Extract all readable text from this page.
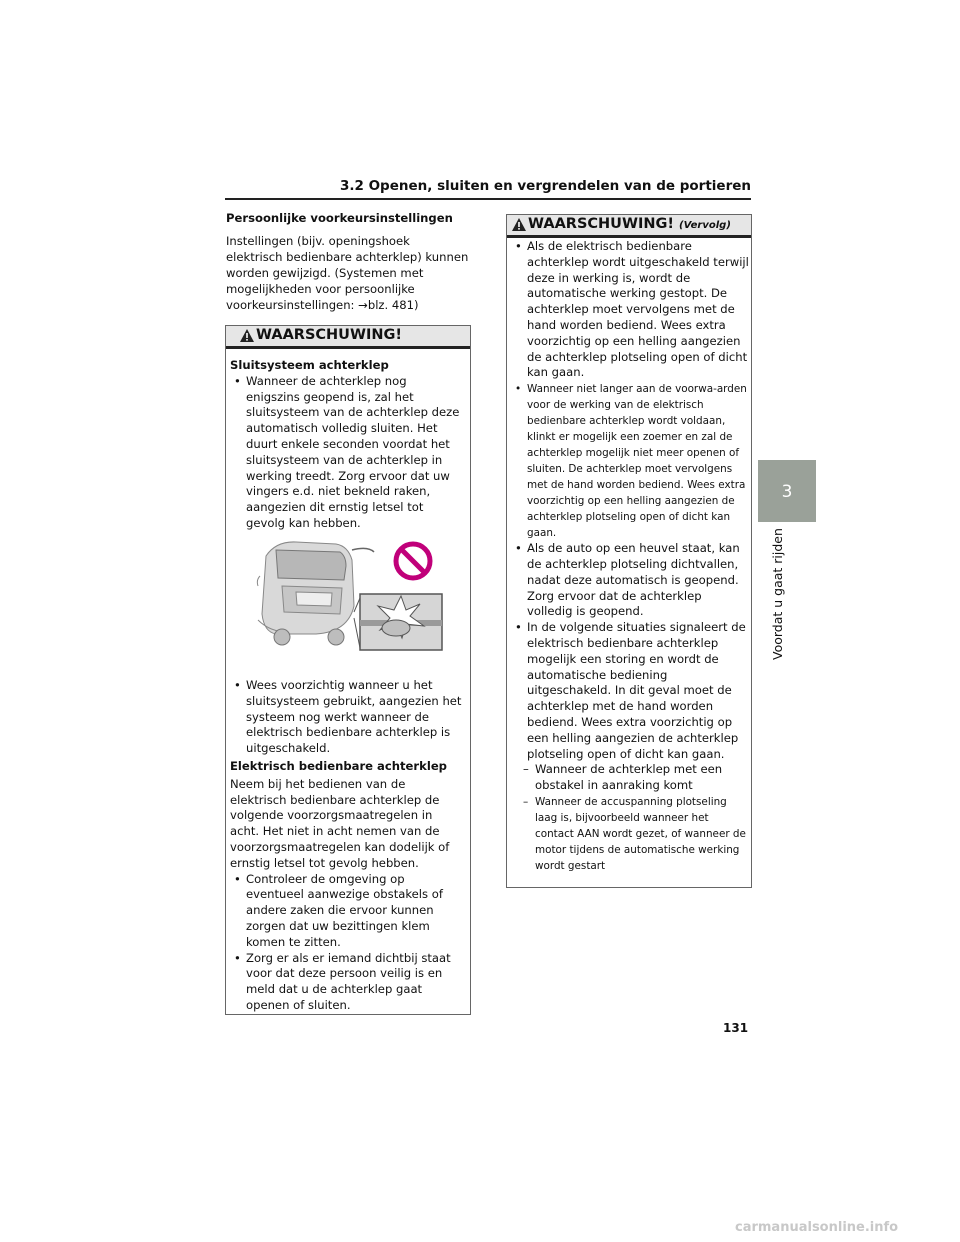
3.2 Openen, sluiten en vergrendelen van de portieren
3
Voordat u gaat rijden
Persoonlijke voorkeursinstellingen

Instellingen (bijv. openingshoek elektrisch bedienbare achterklep) kunnen worden gewijzigd. (Systemen met mogelijkheden voor persoonlijke voorkeursinstellingen: →blz. 481)

WAARSCHUWING!
Sluitsysteem achterklep
• Wanneer de achterklep nog enigszins geopend is, zal het sluitsysteem van de achterklep deze automatisch volledig sluiten. Het duurt enkele seconden voordat het sluitsysteem van de achterklep in werking treedt. Zorg ervoor dat uw vingers e.d. niet bekneld raken, aangezien dit ernstig letsel tot gevolg kan hebben.
• Wees voorzichtig wanneer u het sluitsysteem gebruikt, aangezien het systeem nog werkt wanneer de elektrisch bedienbare achterklep is uitgeschakeld.
Elektrisch bedienbare achterklep
Neem bij het bedienen van de elektrisch bedienbare achterklep de volgende voorzorgsmaatregelen in acht. Het niet in acht nemen van de voorzorgsmaatregelen kan dodelijk of ernstig letsel tot gevolg hebben.
• Controleer de omgeving op eventueel aanwezige obstakels of andere zaken die ervoor kunnen zorgen dat uw bezittingen klem komen te zitten.
• Zorg er als er iemand dichtbij staat voor dat deze persoon veilig is en meld dat u de achterklep gaat openen of sluiten.
WAARSCHUWING! (Vervolg)
• Als de elektrisch bedienbare achterklep wordt uitgeschakeld terwijl deze in werking is, wordt de automatische werking gestopt. De achterklep moet vervolgens met de hand worden bediend. Wees extra voorzichtig op een helling aangezien de achterklep plotseling open of dicht kan gaan.
• Wanneer niet langer aan de voorwa-arden voor de werking van de elektrisch bedienbare achterklep wordt voldaan, klinkt er mogelijk een zoemer en zal de achterklep mogelijk niet meer openen of sluiten. De achterklep moet vervolgens met de hand worden bediend. Wees extra voorzichtig op een helling aangezien de achterklep plotseling open of dicht kan gaan.
• Als de auto op een heuvel staat, kan de achterklep plotseling dichtvallen, nadat deze automatisch is geopend. Zorg ervoor dat de achterklep volledig is geopend.
• In de volgende situaties signaleert de elektrisch bedienbare achterklep mogelijk een storing en wordt de automatische bediening uitgeschakeld. In dit geval moet de achterklep met de hand worden bediend. Wees extra voorzichtig op een helling aangezien de achterklep plotseling open of dicht kan gaan.
– Wanneer de achterklep met een obstakel in aanraking komt
– Wanneer de accuspanning plotseling laag is, bijvoorbeeld wanneer het contact AAN wordt gezet, of wanneer de motor tijdens de automatische werking wordt gestart
131
carmanualsonline.info
